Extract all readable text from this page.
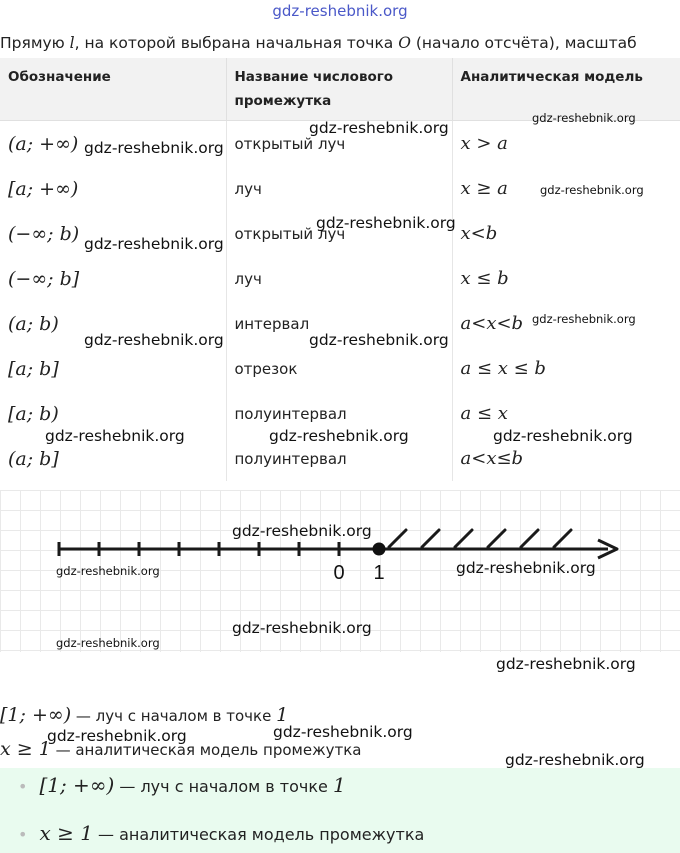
gdz-reshebnik.org
Прямую l, на которой выбрана начальная точка O (начало отсчёта), масштаб
Обозначение	Название числового промежутка	Аналитическая модель
(a; +∞)	открытый луч	x > a
[a; +∞)	луч	x ≥ a
(−∞; b)	открытый луч	x<b
(−∞; b]	луч	x ≤ b
(a; b)	интервал	a<x<b
[a; b]	отрезок	a ≤ x ≤ b
[a; b)	полуинтервал	a ≤ x
(a; b]	полуинтервал	a<x≤b
0 1
[1; +∞) — луч с началом в точке 1
x ≥ 1 — аналитическая модель промежутка
• [1; +∞) — луч с началом в точке 1
• x ≥ 1 — аналитическая модель промежутка
gdz-reshebnik.org
gdz-reshebnik.org
gdz-reshebnik.org
gdz-reshebnik.org
gdz-reshebnik.org
gdz-reshebnik.org
gdz-reshebnik.org
gdz-reshebnik.org	gdz-reshebnik.org
gdz-reshebnik.org	gdz-reshebnik.org	gdz-reshebnik.org
gdz-reshebnik.org
gdz-reshebnik.org	gdz-reshebnik.org
gdz-reshebnik.org
gdz-reshebnik.org
gdz-reshebnik.org
gdz-reshebnik.org
gdz-reshebnik.org
gdz-reshebnik.org
